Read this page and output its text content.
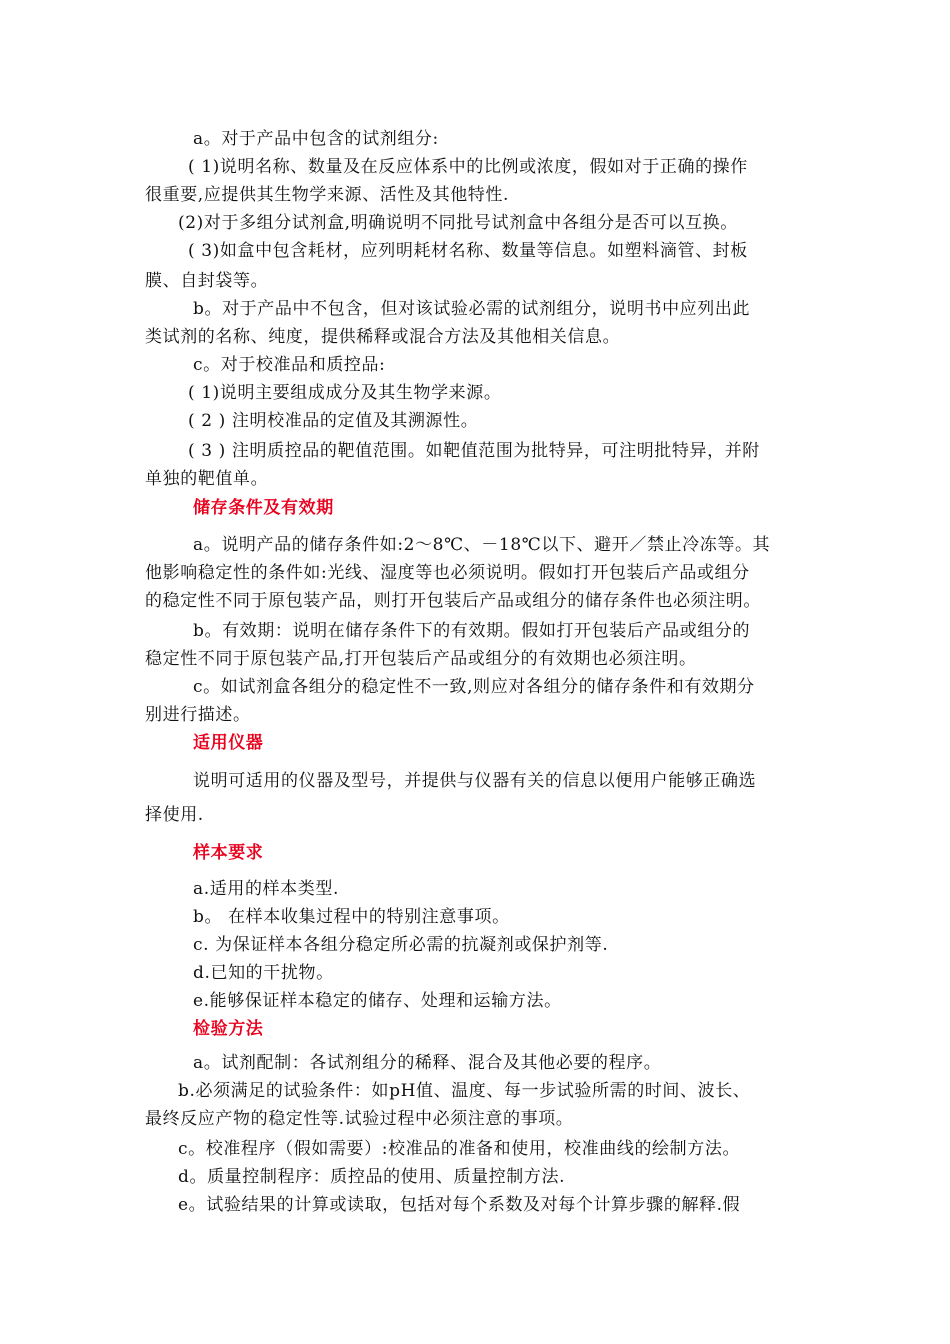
a。对于产品中包含的试剂组分:
( 1)说明名称、数量及在反应体系中的比例或浓度，假如对于正确的操作
很重要,应提供其生物学来源、活性及其他特性.
(2)对于多组分试剂盒,明确说明不同批号试剂盒中各组分是否可以互换。
( 3)如盒中包含耗材，应列明耗材名称、数量等信息。如塑料滴管、封板
膜、自封袋等。
b。对于产品中不包含，但对该试验必需的试剂组分，说明书中应列出此
类试剂的名称、纯度，提供稀释或混合方法及其他相关信息。
c。对于校准品和质控品:
( 1)说明主要组成成分及其生物学来源。
( 2 ) 注明校准品的定值及其溯源性。
( 3 ) 注明质控品的靶值范围。如靶值范围为批特异，可注明批特异，并附
单独的靶值单。
储存条件及有效期
a。说明产品的储存条件如:2～8℃、－18℃以下、避开／禁止冷冻等。其
他影响稳定性的条件如:光线、湿度等也必须说明。假如打开包装后产品或组分
的稳定性不同于原包装产品，则打开包装后产品或组分的储存条件也必须注明。
b。有效期：说明在储存条件下的有效期。假如打开包装后产品或组分的
稳定性不同于原包装产品,打开包装后产品或组分的有效期也必须注明。
c。如试剂盒各组分的稳定性不一致,则应对各组分的储存条件和有效期分
别进行描述。
适用仪器
说明可适用的仪器及型号，并提供与仪器有关的信息以便用户能够正确选
择使用.
样本要求
a.适用的样本类型.
b。 在样本收集过程中的特别注意事项。
c. 为保证样本各组分稳定所必需的抗凝剂或保护剂等.
d.已知的干扰物。
e.能够保证样本稳定的储存、处理和运输方法。
检验方法
a。试剂配制：各试剂组分的稀释、混合及其他必要的程序。
b.必须满足的试验条件：如pH值、温度、每一步试验所需的时间、波长、
最终反应产物的稳定性等.试验过程中必须注意的事项。
c。校准程序（假如需要）:校准品的准备和使用，校准曲线的绘制方法。
d。质量控制程序：质控品的使用、质量控制方法.
e。试验结果的计算或读取，包括对每个系数及对每个计算步骤的解释.假
